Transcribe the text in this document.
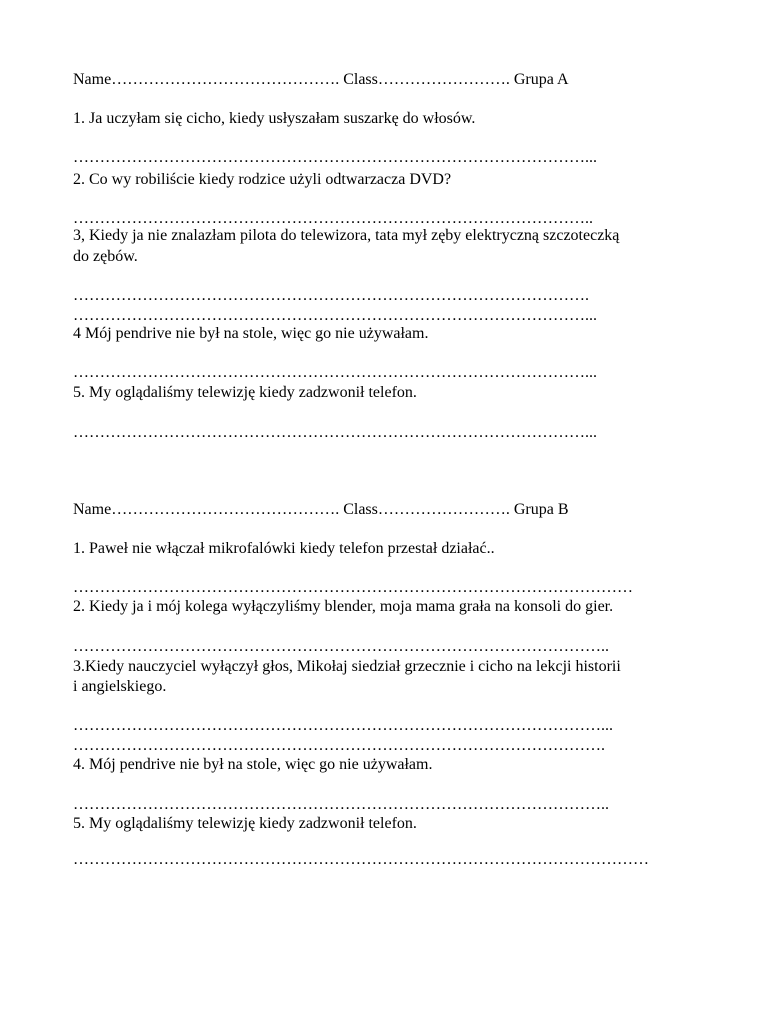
Name……………………………………. Class……………………. Grupa A
1. Ja uczyłam się cicho, kiedy usłyszałam suszarkę do włosów.
……………………………………………………………………………………...
2. Co wy robiliście kiedy rodzice użyli odtwarzacza DVD?
……………………………………………………………………………………..
3, Kiedy ja nie znalazłam pilota do telewizora, tata mył zęby elektryczną szczoteczką
do zębów.
…………………………………………………………………………………….
……………………………………………………………………………………...
4 Mój pendrive nie był na stole, więc go nie używałam.
……………………………………………………………………………………...
5. My oglądaliśmy telewizję kiedy zadzwonił telefon.
……………………………………………………………………………………...
Name……………………………………. Class……………………. Grupa B
1. Paweł nie włączał mikrofalówki kiedy telefon przestał działać..
……………………………………………………………………………………………
2. Kiedy ja i mój kolega wyłączyliśmy blender, moja mama grała na konsoli do gier.
………………………………………………………………………………………..
3.Kiedy nauczyciel wyłączył głos, Mikołaj siedział grzecznie i cicho na lekcji historii
i angielskiego.
………………………………………………………………………………………...
……………………………………………………………………………………….
4. Mój pendrive nie był na stole, więc go nie używałam.
………………………………………………………………………………………..
5. My oglądaliśmy telewizję kiedy zadzwonił telefon.
………………………………………………………………………………………………
